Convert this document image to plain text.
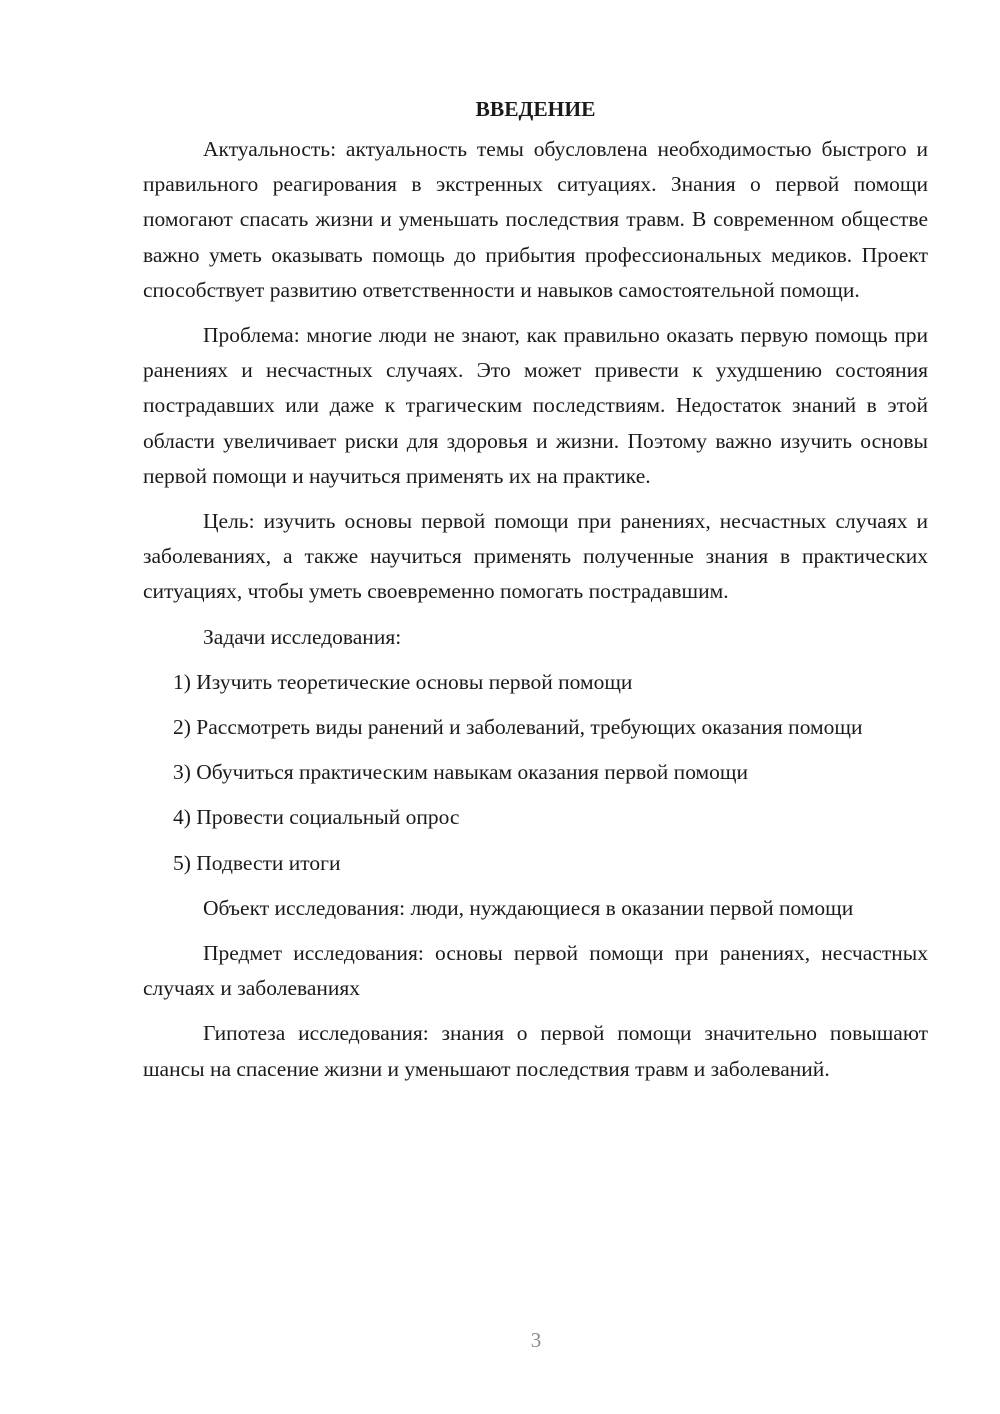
ВВЕДЕНИЕ

Актуальность: актуальность темы обусловлена необходимостью быстрого и правильного реагирования в экстренных ситуациях. Знания о первой помощи помогают спасать жизни и уменьшать последствия травм. В современном обществе важно уметь оказывать помощь до прибытия профессиональных медиков. Проект способствует развитию ответственности и навыков самостоятельной помощи.

Проблема: многие люди не знают, как правильно оказать первую помощь при ранениях и несчастных случаях. Это может привести к ухудшению состояния пострадавших или даже к трагическим последствиям. Недостаток знаний в этой области увеличивает риски для здоровья и жизни. Поэтому важно изучить основы первой помощи и научиться применять их на практике.

Цель: изучить основы первой помощи при ранениях, несчастных случаях и заболеваниях, а также научиться применять полученные знания в практических ситуациях, чтобы уметь своевременно помогать пострадавшим.

Задачи исследования:

1) Изучить теоретические основы первой помощи

2) Рассмотреть виды ранений и заболеваний, требующих оказания помощи

3) Обучиться практическим навыкам оказания первой помощи

4) Провести социальный опрос

5) Подвести итоги

Объект исследования: люди, нуждающиеся в оказании первой помощи

Предмет исследования: основы первой помощи при ранениях, несчастных случаях и заболеваниях

Гипотеза исследования: знания о первой помощи значительно повышают шансы на спасение жизни и уменьшают последствия травм и заболеваний.

3
